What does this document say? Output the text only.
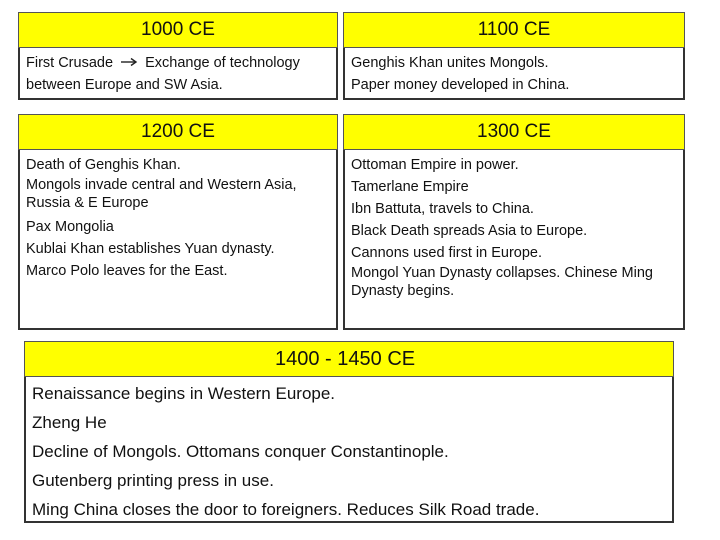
1000 CE
First Crusade Exchange of technology
between Europe and SW Asia.
1100 CE
Genghis Khan unites Mongols.
Paper money developed in China.
1200 CE
Death of Genghis Khan.
Mongols invade central and Western Asia, Russia & E Europe
Pax Mongolia
Kublai Khan establishes Yuan dynasty.
Marco Polo leaves for the East.
1300 CE
Ottoman Empire in power.
Tamerlane Empire
Ibn Battuta, travels to China.
Black Death spreads Asia to Europe.
Cannons used first in Europe.
Mongol Yuan Dynasty collapses. Chinese Ming Dynasty begins.
1400 - 1450 CE
Renaissance begins in Western Europe.
Zheng He
Decline of Mongols. Ottomans conquer Constantinople.
Gutenberg printing press in use.
Ming China closes the door to foreigners. Reduces Silk Road trade.
